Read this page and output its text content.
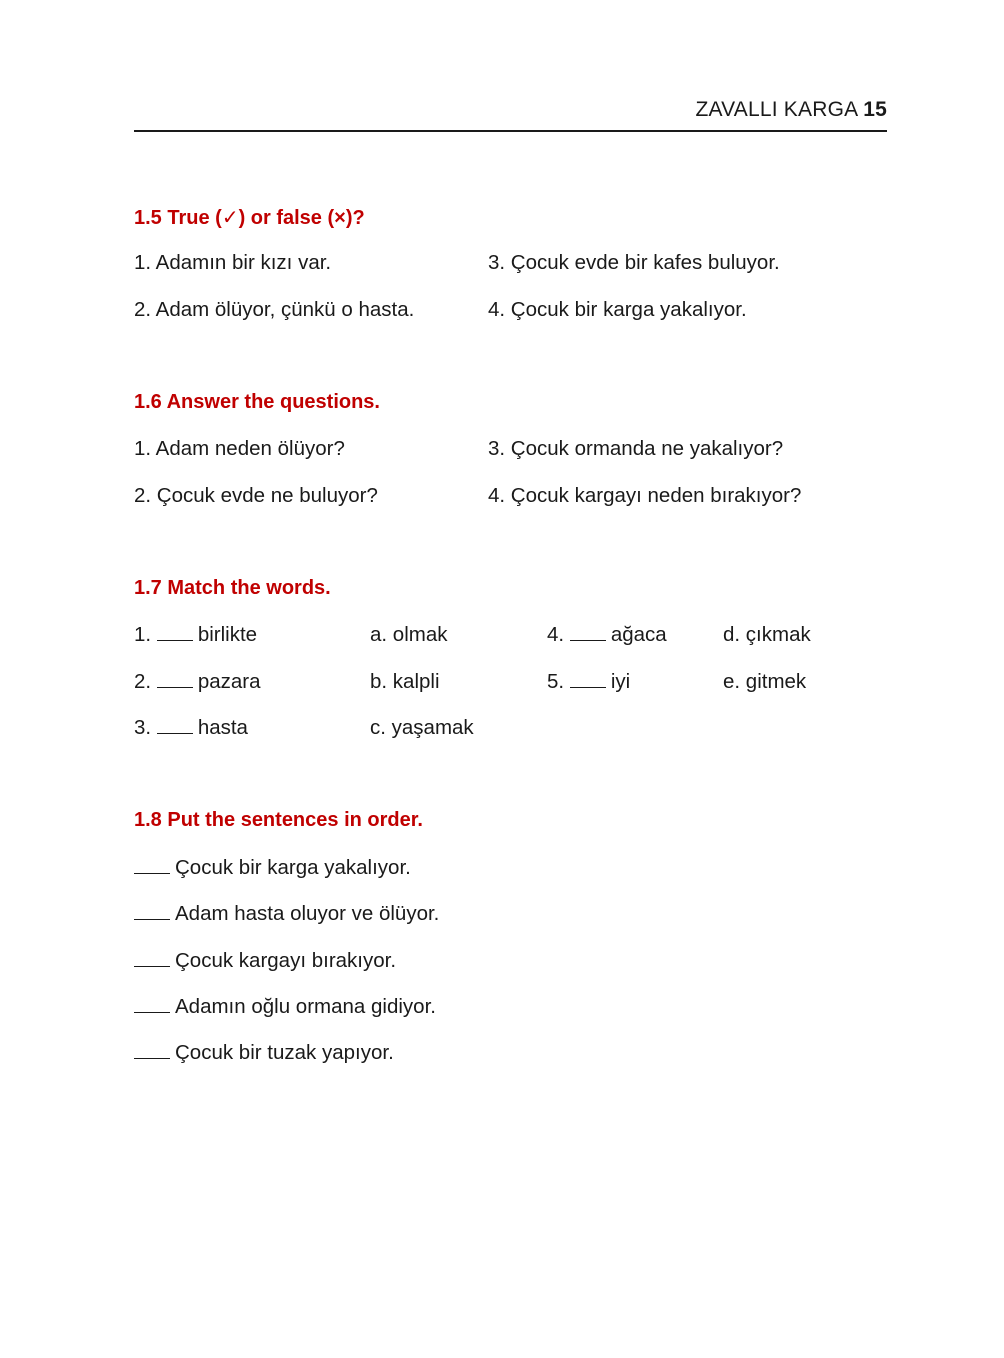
ZAVALLI KARGA 15
1.5 True (✓) or false (×)?
1. Adamın bir kızı var.
2. Adam ölüyor, çünkü o hasta.
3. Çocuk evde bir kafes buluyor.
4. Çocuk bir karga yakalıyor.
1.6 Answer the questions.
1. Adam neden ölüyor?
2. Çocuk evde ne buluyor?
3. Çocuk ormanda ne yakalıyor?
4. Çocuk kargayı neden bırakıyor?
1.7 Match the words.
1. birlikte
2. pazara
3. hasta
4. ağaca
5. iyi
a. olmak
b. kalpli
c. yaşamak
d. çıkmak
e. gitmek
1.8 Put the sentences in order.
Çocuk bir karga yakalıyor.
Adam hasta oluyor ve ölüyor.
Çocuk kargayı bırakıyor.
Adamın oğlu ormana gidiyor.
Çocuk bir tuzak yapıyor.
